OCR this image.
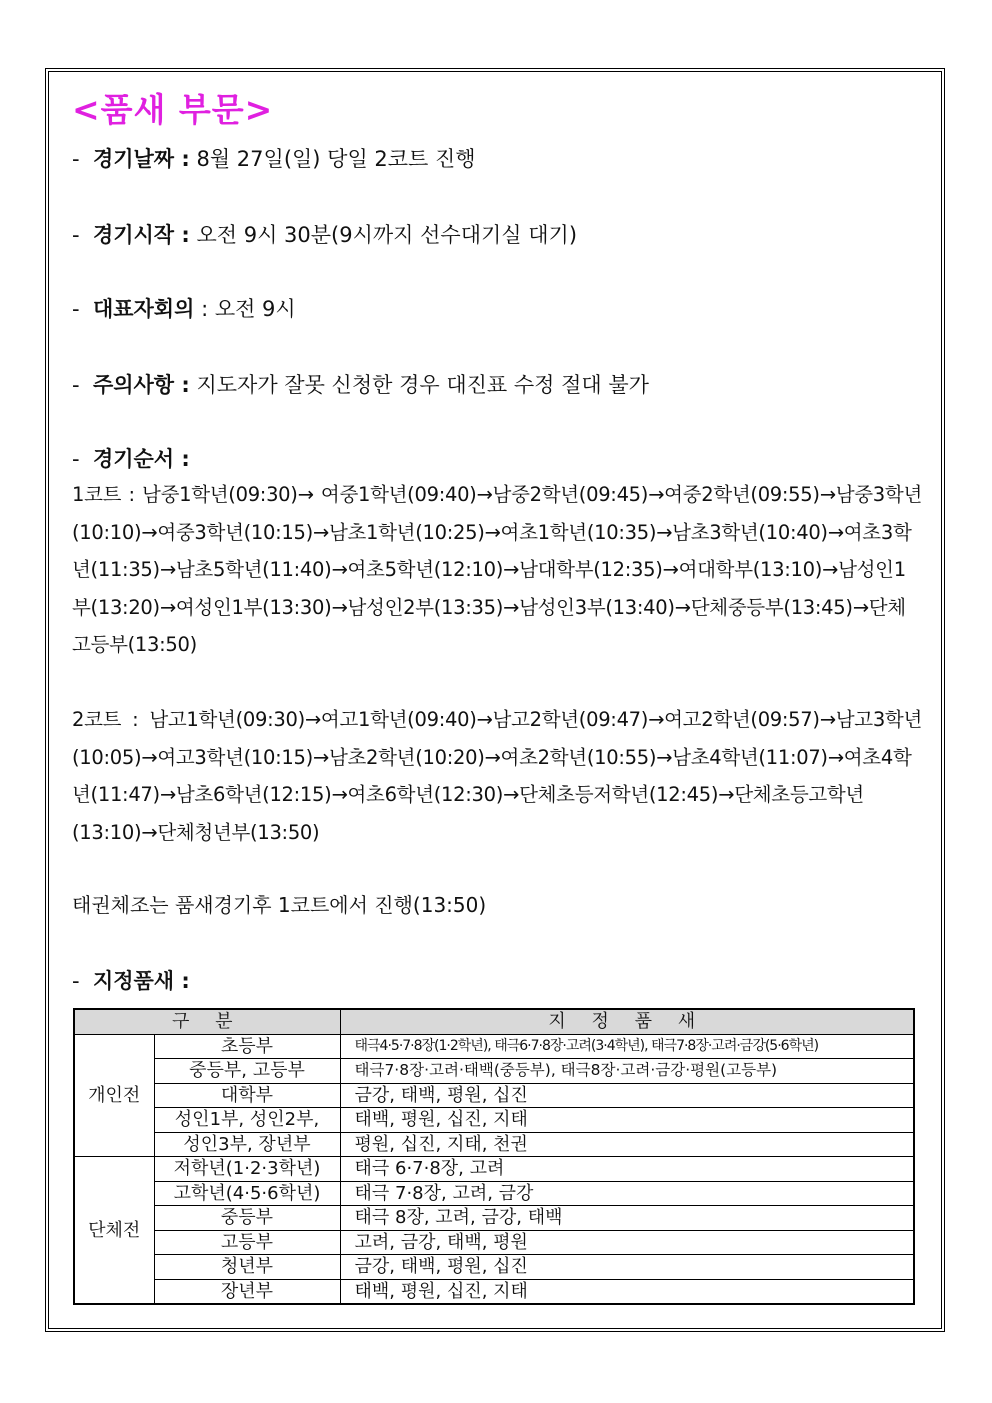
<품새 부문>
- 경기날짜 : 8월 27일(일) 당일 2코트 진행
- 경기시작 : 오전 9시 30분(9시까지 선수대기실 대기)
- 대표자회의 : 오전 9시
- 주의사항 : 지도자가 잘못 신청한 경우 대진표 수정 절대 불가
- 경기순서 :
1코트 : 남중1학년(09:30)→ 여중1학년(09:40)→남중2학년(09:45)→여중2학년(09:55)→남중3학년(10:10)→여중3학년(10:15)→남초1학년(10:25)→여초1학년(10:35)→남초3학년(10:40)→여초3학년(11:35)→남초5학년(11:40)→여초5학년(12:10)→남대학부(12:35)→여대학부(13:10)→남성인1부(13:20)→여성인1부(13:30)→남성인2부(13:35)→남성인3부(13:40)→단체중등부(13:45)→단체고등부(13:50)
2코트 : 남고1학년(09:30)→여고1학년(09:40)→남고2학년(09:47)→여고2학년(09:57)→남고3학년(10:05)→여고3학년(10:15)→남초2학년(10:20)→여초2학년(10:55)→남초4학년(11:07)→여초4학년(11:47)→남초6학년(12:15)→여초6학년(12:30)→단체초등저학년(12:45)→단체초등고학년(13:10)→단체청년부(13:50)
태권체조는 품새경기후 1코트에서 진행(13:50)
- 지정품새 :
구 분		지 정 품 새
개인전	초등부	태극4·5·7·8장(1·2학년), 태극6·7·8장·고려(3·4학년), 태극7·8장·고려·금강(5·6학년)
	중등부, 고등부	태극7·8장·고려·태백(중등부), 태극8장·고려·금강·평원(고등부)
	대학부	금강, 태백, 평원, 십진
	성인1부, 성인2부,	태백, 평원, 십진, 지태
	성인3부, 장년부	평원, 십진, 지태, 천권
단체전	저학년(1·2·3학년)	태극 6·7·8장, 고려
	고학년(4·5·6학년)	태극 7·8장, 고려, 금강
	중등부	태극 8장, 고려, 금강, 태백
	고등부	고려, 금강, 태백, 평원
	청년부	금강, 태백, 평원, 십진
	장년부	태백, 평원, 십진, 지태
